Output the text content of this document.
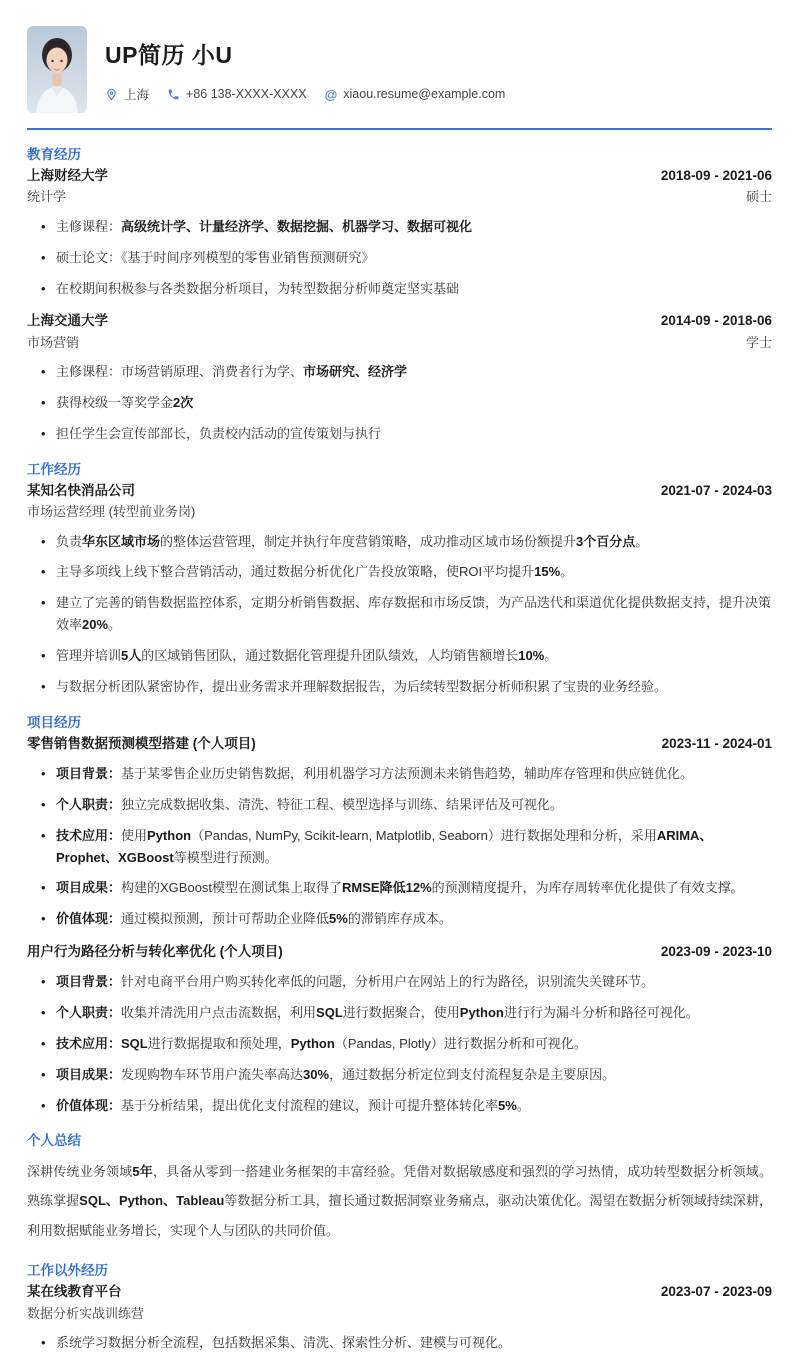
UP简历 小U
上海	+86 138-XXXX-XXXX @ xiaou.resume@example.com
教育经历
上海财经大学	2018-09 - 2021-06
统计学	硕士
• 主修课程：高级统计学、计量经济学、数据挖掘、机器学习、数据可视化
• 硕士论文：《基于时间序列模型的零售业销售预测研究》
• 在校期间积极参与各类数据分析项目，为转型数据分析师奠定坚实基础
上海交通大学	2014-09 - 2018-06
市场营销	学士
• 主修课程：市场营销原理、消费者行为学、市场研究、经济学
• 获得校级一等奖学金2次
• 担任学生会宣传部部长，负责校内活动的宣传策划与执行
工作经历
某知名快消品公司	2021-07 - 2024-03
市场运营经理 (转型前业务岗)
• 负责华东区域市场的整体运营管理，制定并执行年度营销策略，成功推动区域市场份额提升3个百分点。
• 主导多项线上线下整合营销活动，通过数据分析优化广告投放策略，使ROI平均提升15%。
• 建立了完善的销售数据监控体系，定期分析销售数据、库存数据和市场反馈，为产品迭代和渠道优化提供数据支持，提升决策效率20%。
• 管理并培训5人的区域销售团队，通过数据化管理提升团队绩效，人均销售额增长10%。
• 与数据分析团队紧密协作，提出业务需求并理解数据报告，为后续转型数据分析师积累了宝贵的业务经验。
项目经历
零售销售数据预测模型搭建 (个人项目)	2023-11 - 2024-01
• 项目背景：基于某零售企业历史销售数据，利用机器学习方法预测未来销售趋势，辅助库存管理和供应链优化。
• 个人职责：独立完成数据收集、清洗、特征工程、模型选择与训练、结果评估及可视化。
• 技术应用：使用Python（Pandas, NumPy, Scikit-learn, Matplotlib, Seaborn）进行数据处理和分析，采用ARIMA、Prophet、XGBoost等模型进行预测。
• 项目成果：构建的XGBoost模型在测试集上取得了RMSE降低12%的预测精度提升，为库存周转率优化提供了有效支撑。
• 价值体现：通过模拟预测，预计可帮助企业降低5%的滞销库存成本。
用户行为路径分析与转化率优化 (个人项目)	2023-09 - 2023-10
• 项目背景：针对电商平台用户购买转化率低的问题，分析用户在网站上的行为路径，识别流失关键环节。
• 个人职责：收集并清洗用户点击流数据，利用SQL进行数据聚合，使用Python进行行为漏斗分析和路径可视化。
• 技术应用：SQL进行数据提取和预处理，Python（Pandas, Plotly）进行数据分析和可视化。
• 项目成果：发现购物车环节用户流失率高达30%，通过数据分析定位到支付流程复杂是主要原因。
• 价值体现：基于分析结果，提出优化支付流程的建议，预计可提升整体转化率5%。
个人总结
深耕传统业务领域5年，具备从零到一搭建业务框架的丰富经验。凭借对数据敏感度和强烈的学习热情，成功转型数据分析领域。熟练掌握SQL、Python、Tableau等数据分析工具，擅长通过数据洞察业务痛点，驱动决策优化。渴望在数据分析领域持续深耕，利用数据赋能业务增长，实现个人与团队的共同价值。
工作以外经历
某在线教育平台	2023-07 - 2023-09
数据分析实战训练营
• 系统学习数据分析全流程，包括数据采集、清洗、探索性分析、建模与可视化。
